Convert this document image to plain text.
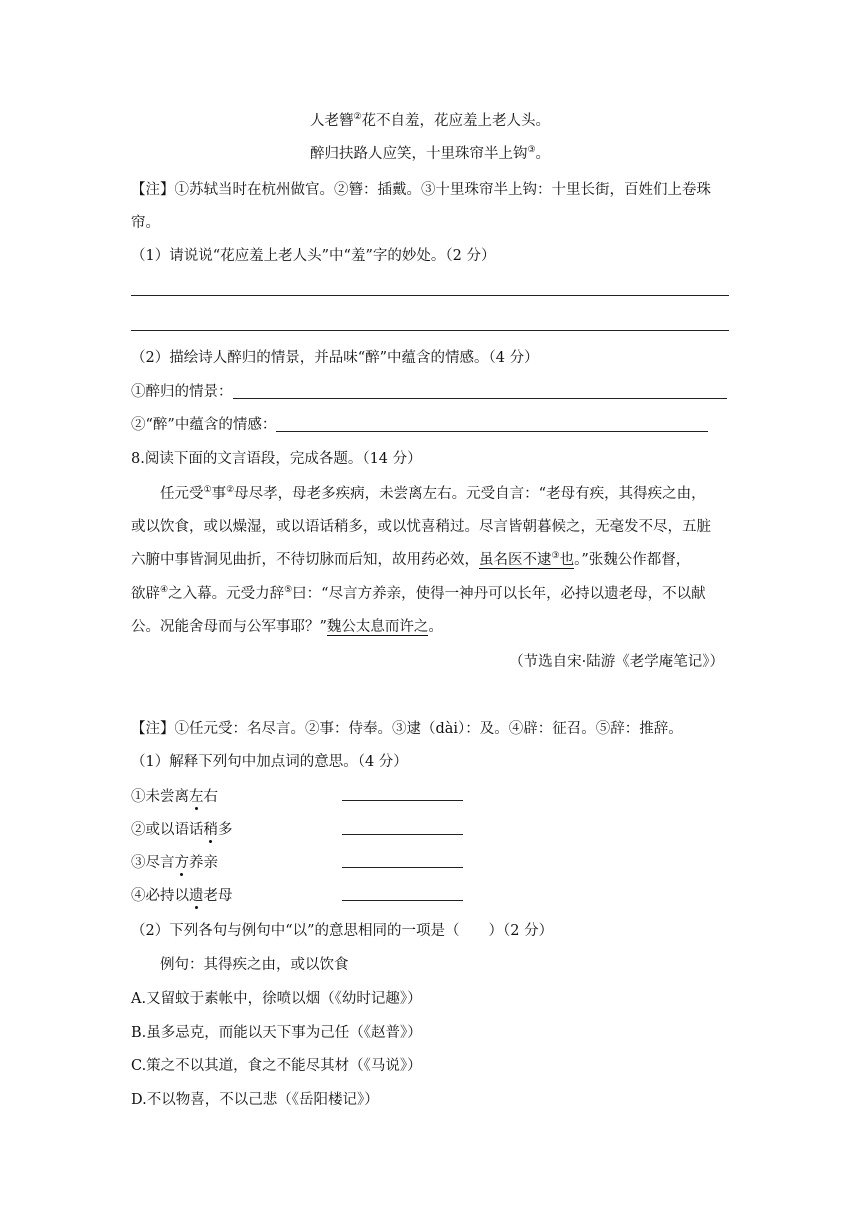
人老簪②花不自羞，花应羞上老人头。
醉归扶路人应笑，十里珠帘半上钩③。
【注】①苏轼当时在杭州做官。②簪：插戴。③十里珠帘半上钩：十里长街，百姓们上卷珠
帘。
（1）请说说“花应羞上老人头”中“羞”字的妙处。（2 分）
（2）描绘诗人醉归的情景，并品味“醉”中蕴含的情感。（4 分）
①醉归的情景：
②“醉”中蕴含的情感：
8.阅读下面的文言语段，完成各题。（14 分）
任元受①事②母尽孝，母老多疾病，未尝离左右。元受自言：“老母有疾，其得疾之由，
或以饮食，或以燥湿，或以语话稍多，或以忧喜稍过。尽言皆朝暮候之，无毫发不尽，五脏
六腑中事皆洞见曲折，不待切脉而后知，故用药必效，虽名医不逮③也。”张魏公作都督，
欲辟④之入幕。元受力辞⑤曰：“尽言方养亲，使得一神丹可以长年，必持以遗老母，不以献
公。况能舍母而与公军事耶？”魏公太息而许之。
（节选自宋·陆游《老学庵笔记》）
【注】①任元受：名尽言。②事：侍奉。③逮（dài）：及。④辟：征召。⑤辞：推辞。
（1）解释下列句中加点词的意思。（4 分）
①未尝离左右
②或以语话稍多
③尽言方养亲
④必持以遗老母
（2）下列各句与例句中“以”的意思相同的一项是（　　）（2 分）
例句：其得疾之由，或以饮食
A.又留蚊于素帐中，徐喷以烟（《幼时记趣》）
B.虽多忌克，而能以天下事为己任（《赵普》）
C.策之不以其道，食之不能尽其材（《马说》）
D.不以物喜，不以己悲（《岳阳楼记》）
